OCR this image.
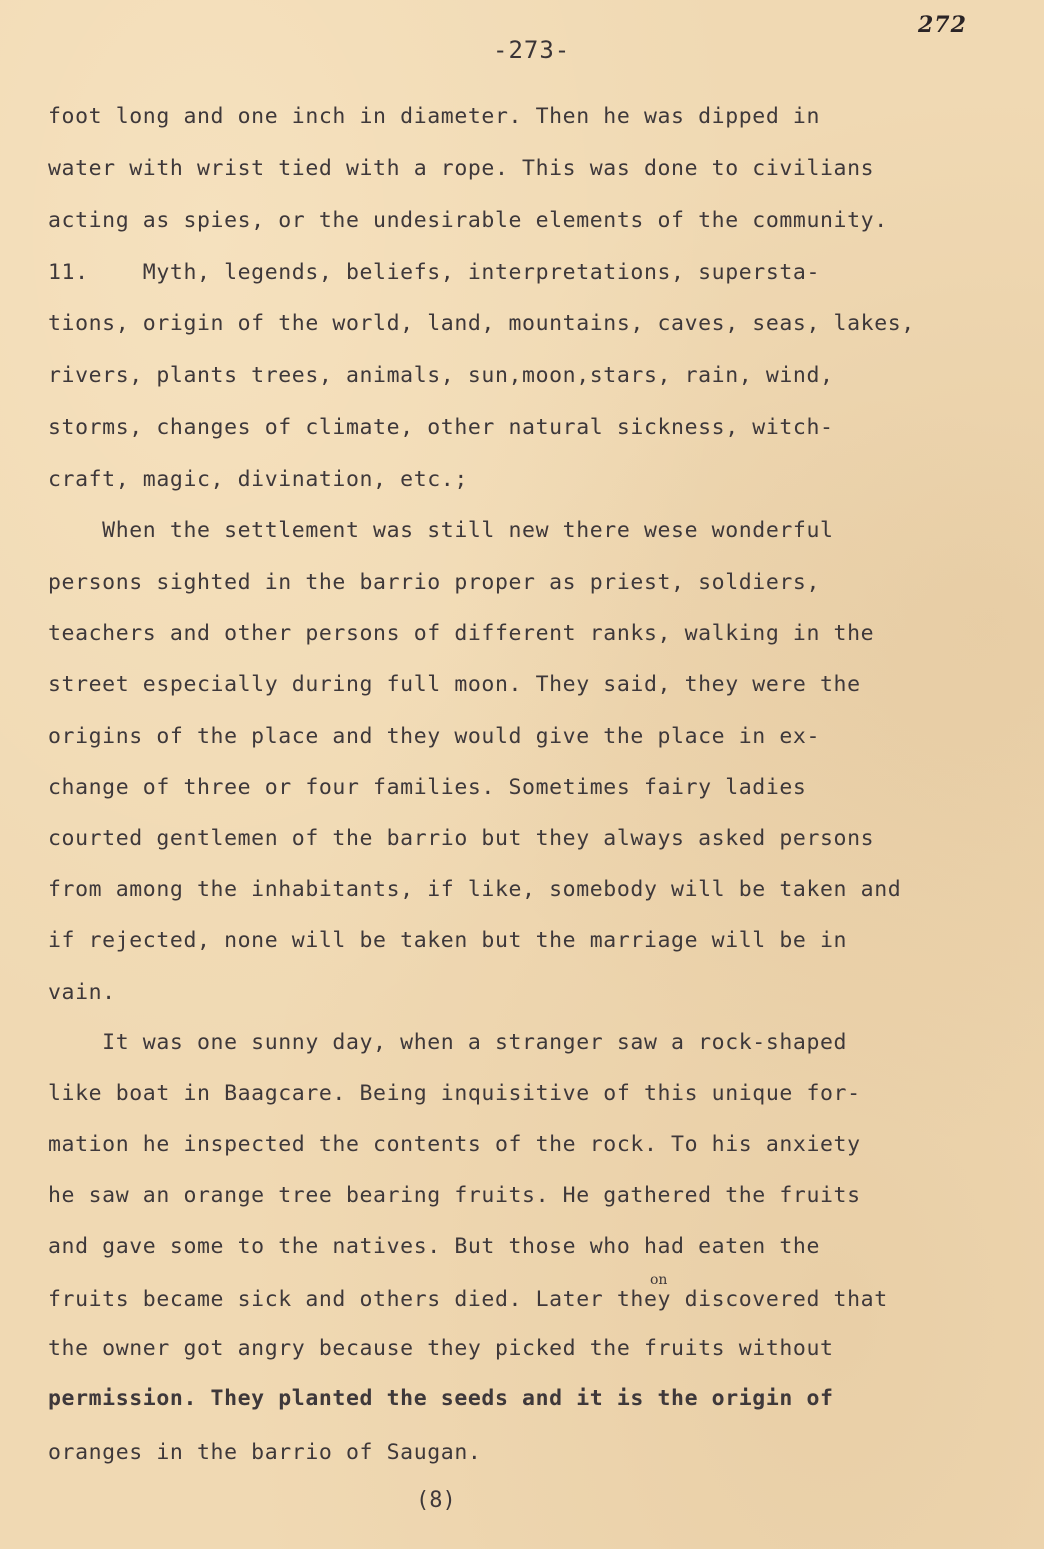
272
-273-
foot long and one inch in diameter. Then he was dipped in
water with wrist tied with a rope. This was done to civilians
acting as spies, or the undesirable elements of the community.
11.    Myth, legends, beliefs, interpretations, supersta-
tions, origin of the world, land, mountains, caves, seas, lakes,
rivers, plants trees, animals, sun,moon,stars, rain, wind,
storms, changes of climate, other natural sickness, witch-
craft, magic, divination, etc.;
When the settlement was still new there wese wonderful
persons sighted in the barrio proper as priest, soldiers,
teachers and other persons of different ranks, walking in the
street especially during full moon. They said, they were the
origins of the place and they would give the place in ex-
change of three or four families. Sometimes fairy ladies
courted gentlemen of the barrio but they always asked persons
from among the inhabitants, if like, somebody will be taken and
if rejected, none will be taken but the marriage will be in
vain.
It was one sunny day, when a stranger saw a rock-shaped
like boat in Baagcare. Being inquisitive of this unique for-
mation he inspected the contents of the rock. To his anxiety
he saw an orange tree bearing fruits. He gathered the fruits
and gave some to the natives. But those who had eaten the
on
fruits became sick and others died. Later they discovered that
the owner got angry because they picked the fruits without
permission. They planted the seeds and it is the origin of
oranges in the barrio of Saugan.
(8)
